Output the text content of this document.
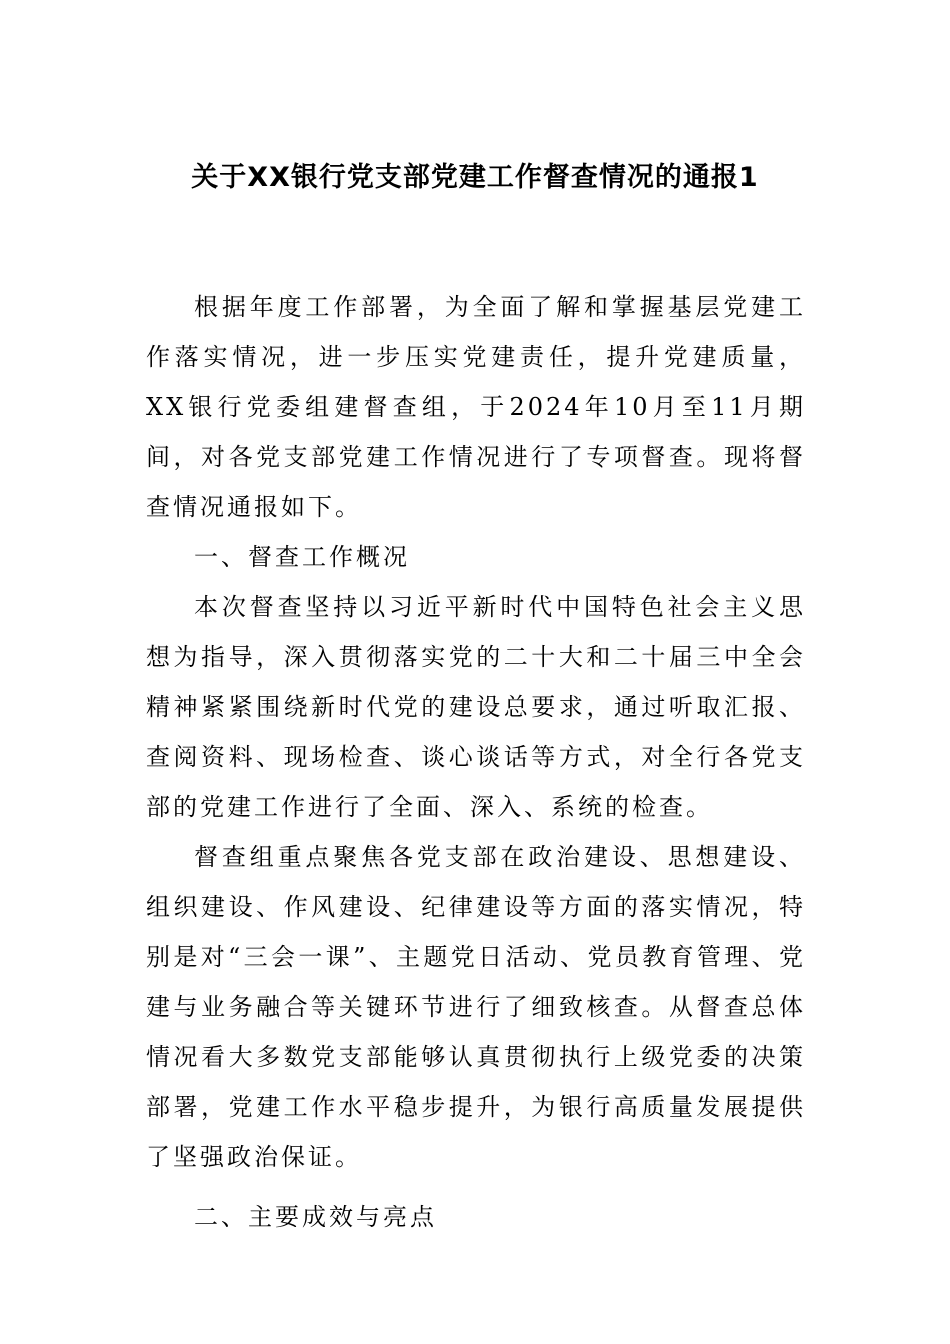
关于XX银行党支部党建工作督查情况的通报1

根据年度工作部署，为全面了解和掌握基层党建工作落实情况，进一步压实党建责任，提升党建质量，XX银行党委组建督查组，于2024年10月至11月期间，对各党支部党建工作情况进行了专项督查。现将督查情况通报如下。

一、督查工作概况

本次督查坚持以习近平新时代中国特色社会主义思想为指导，深入贯彻落实党的二十大和二十届三中全会精神紧紧围绕新时代党的建设总要求，通过听取汇报、查阅资料、现场检查、谈心谈话等方式，对全行各党支部的党建工作进行了全面、深入、系统的检查。

督查组重点聚焦各党支部在政治建设、思想建设、组织建设、作风建设、纪律建设等方面的落实情况，特别是对“三会一课”、主题党日活动、党员教育管理、党建与业务融合等关键环节进行了细致核查。从督查总体情况看大多数党支部能够认真贯彻执行上级党委的决策部署，党建工作水平稳步提升，为银行高质量发展提供了坚强政治保证。

二、主要成效与亮点
